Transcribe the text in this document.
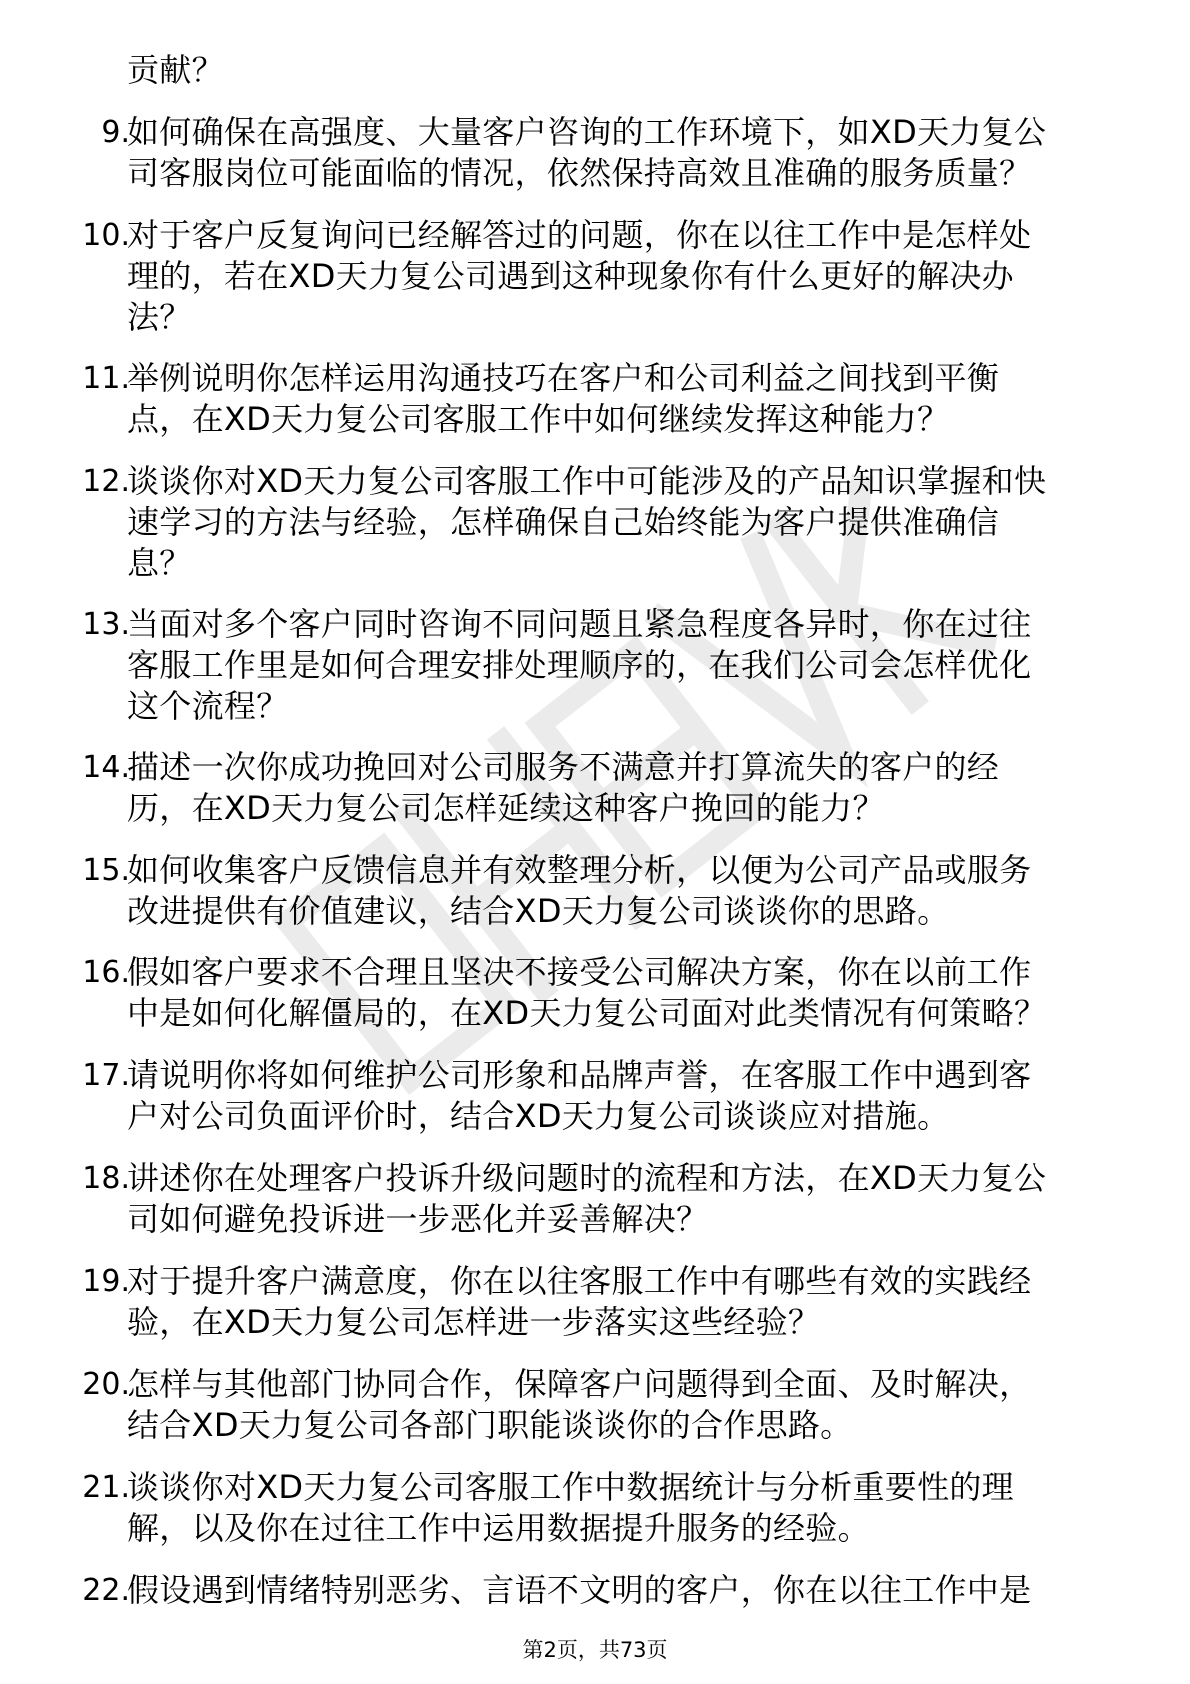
贡献？
9.
如何确保在高强度、大量客户咨询的工作环境下，如XD天力复公
司客服岗位可能面临的情况，依然保持高效且准确的服务质量？
10.
对于客户反复询问已经解答过的问题，你在以往工作中是怎样处
理的，若在XD天力复公司遇到这种现象你有什么更好的解决办
法？
11.
举例说明你怎样运用沟通技巧在客户和公司利益之间找到平衡
点，在XD天力复公司客服工作中如何继续发挥这种能力？
12.
谈谈你对XD天力复公司客服工作中可能涉及的产品知识掌握和快
速学习的方法与经验，怎样确保自己始终能为客户提供准确信
息？
13.
当面对多个客户同时咨询不同问题且紧急程度各异时，你在过往
客服工作里是如何合理安排处理顺序的，在我们公司会怎样优化
这个流程？
14.
描述一次你成功挽回对公司服务不满意并打算流失的客户的经
历，在XD天力复公司怎样延续这种客户挽回的能力？
15.
如何收集客户反馈信息并有效整理分析，以便为公司产品或服务
改进提供有价值建议，结合XD天力复公司谈谈你的思路。
16.
假如客户要求不合理且坚决不接受公司解决方案，你在以前工作
中是如何化解僵局的，在XD天力复公司面对此类情况有何策略？
17.
请说明你将如何维护公司形象和品牌声誉，在客服工作中遇到客
户对公司负面评价时，结合XD天力复公司谈谈应对措施。
18.
讲述你在处理客户投诉升级问题时的流程和方法，在XD天力复公
司如何避免投诉进一步恶化并妥善解决？
19.
对于提升客户满意度，你在以往客服工作中有哪些有效的实践经
验，在XD天力复公司怎样进一步落实这些经验？
20.
怎样与其他部门协同合作，保障客户问题得到全面、及时解决，
结合XD天力复公司各部门职能谈谈你的合作思路。
21.
谈谈你对XD天力复公司客服工作中数据统计与分析重要性的理
解，以及你在过往工作中运用数据提升服务的经验。
22.
假设遇到情绪特别恶劣、言语不文明的客户，你在以往工作中是
第2页，共73页
